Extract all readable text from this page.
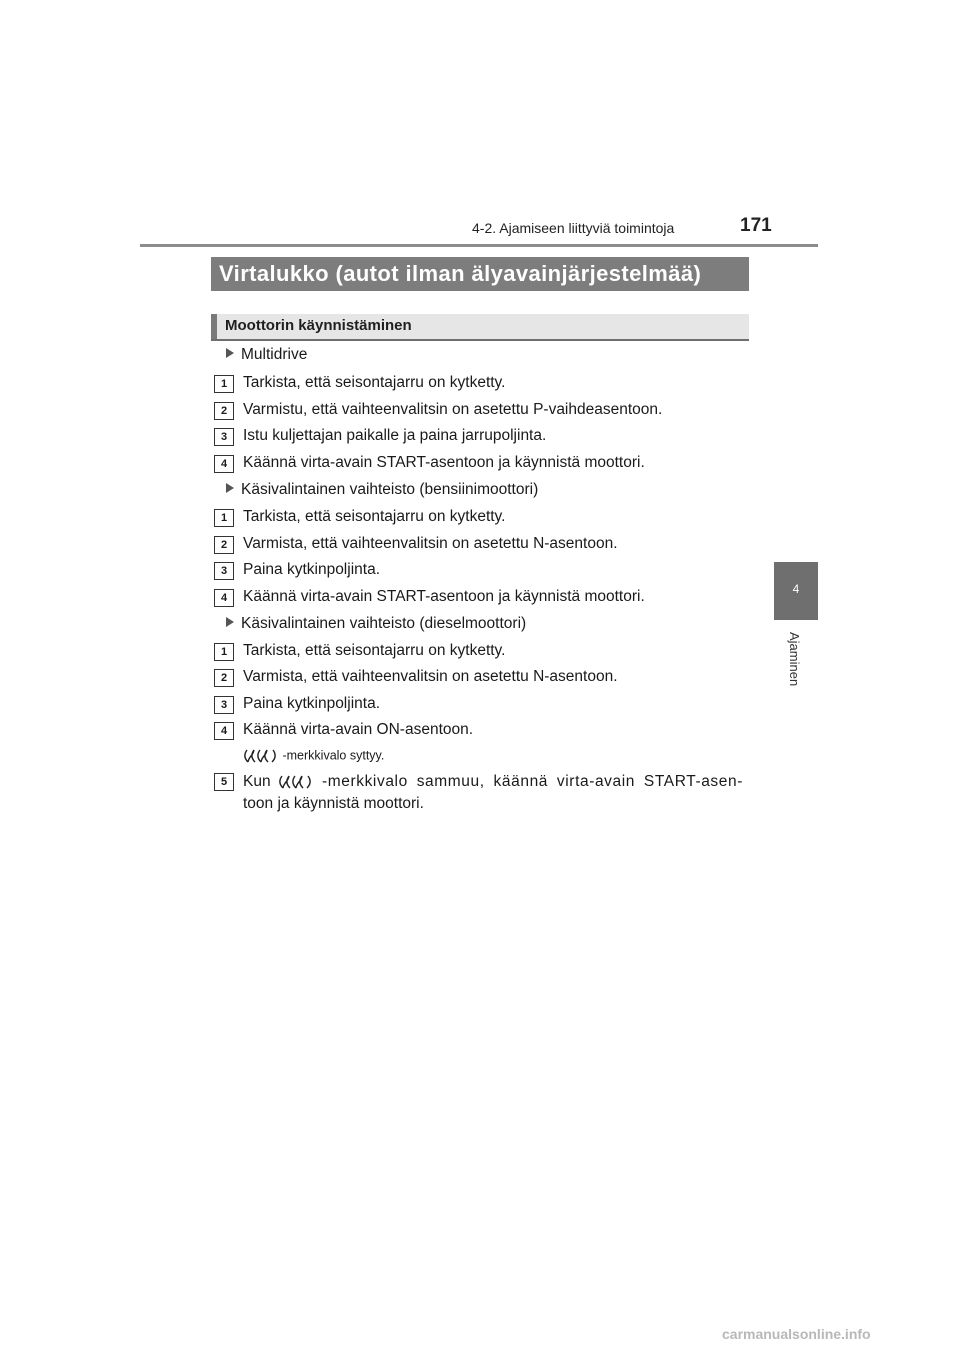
4-2. Ajamiseen liittyviä toimintoja	171
4
Ajaminen
Virtalukko (autot ilman älyavainjärjestelmää)
Moottorin käynnistäminen
Multidrive
1	Tarkista, että seisontajarru on kytketty.
2	Varmistu, että vaihteenvalitsin on asetettu P-vaihdeasentoon.
3	Istu kuljettajan paikalle ja paina jarrupoljinta.
4	Käännä virta-avain START-asentoon ja käynnistä moottori.
Käsivalintainen vaihteisto (bensiinimoottori)
1	Tarkista, että seisontajarru on kytketty.
2	Varmista, että vaihteenvalitsin on asetettu N-asentoon.
3	Paina kytkinpoljinta.
4	Käännä virta-avain START-asentoon ja käynnistä moottori.
Käsivalintainen vaihteisto (dieselmoottori)
1	Tarkista, että seisontajarru on kytketty.
2	Varmista, että vaihteenvalitsin on asetettu N-asentoon.
3	Paina kytkinpoljinta.
4	Käännä virta-avain ON-asentoon.
-merkkivalo syttyy.
5	Kun	-merkkivalo sammuu, käännä virta-avain START-asen-
toon ja käynnistä moottori.
carmanualsonline.info
